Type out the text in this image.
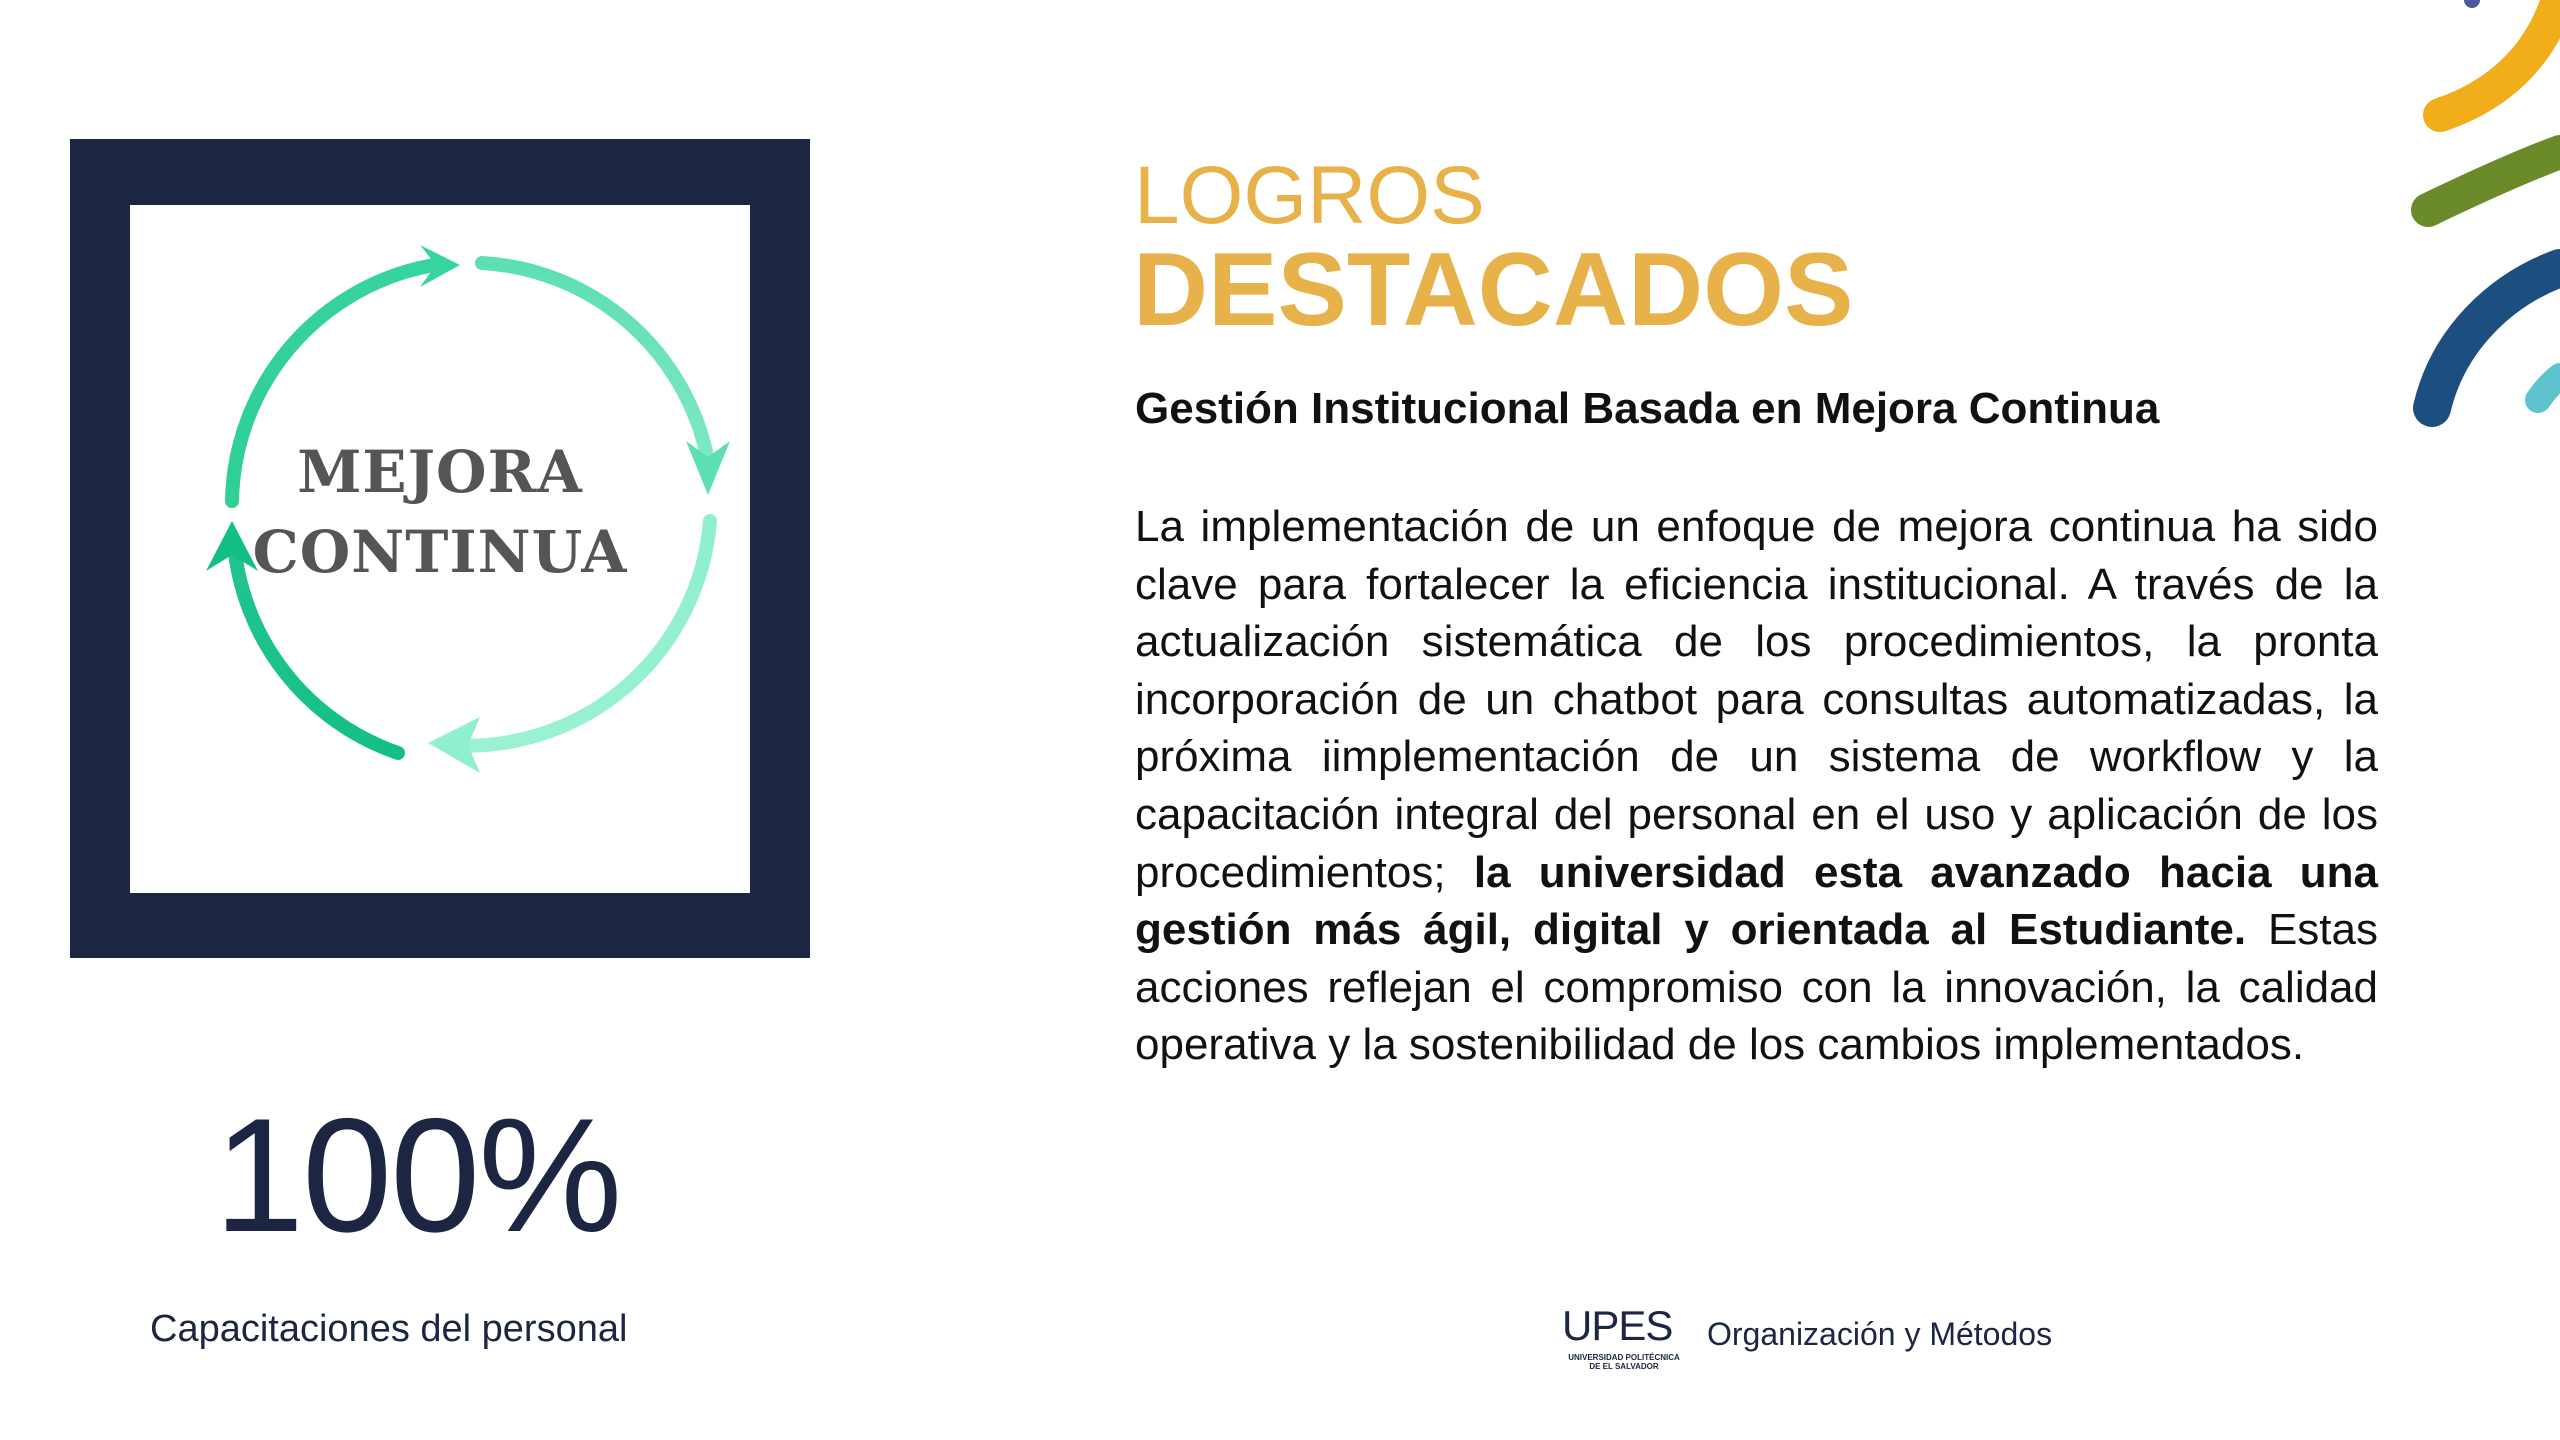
MEJORA
CONTINUA
100%
Capacitaciones del personal
LOGROS
DESTACADOS
Gestión Institucional Basada en Mejora Continua

La implementación de un enfoque de mejora continua ha sido clave para fortalecer la eficiencia institucional. A través de la actualización sistemática de los procedimientos, la pronta incorporación de un chatbot para consultas automatizadas, la próxima iimplementación de un sistema de workflow y la capacitación integral del personal en el uso y aplicación de los procedimientos; la universidad esta avanzado hacia una gestión más ágil, digital y orientada al Estudiante. Estas acciones reflejan el compromiso con la innovación, la calidad operativa y la sostenibilidad de los cambios implementados.

UPES
UNIVERSIDAD POLITÉCNICA
DE EL SALVADOR
Organización y Métodos
